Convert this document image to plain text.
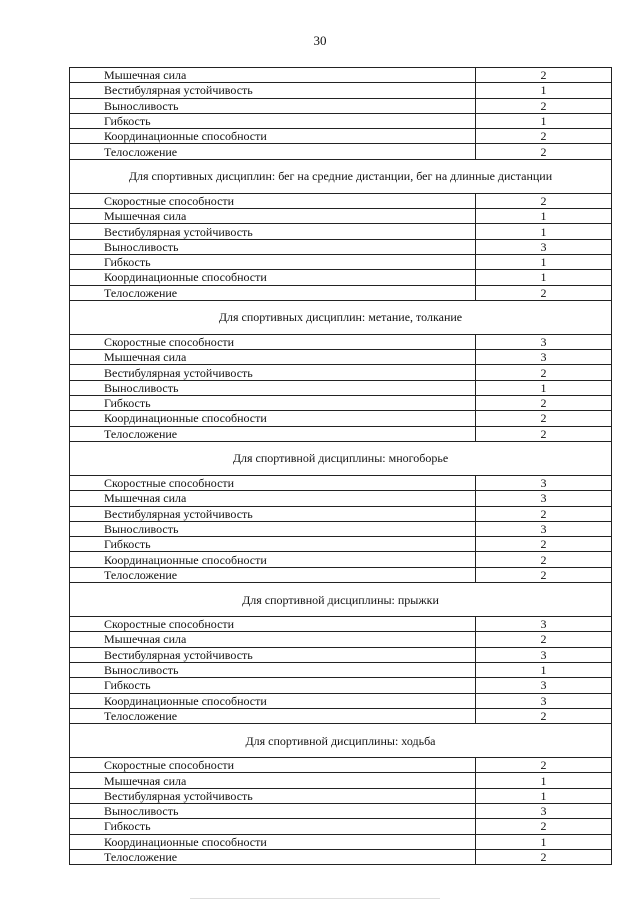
30
Мышечная сила	2
Вестибулярная устойчивость	1
Выносливость	2
Гибкость	1
Координационные способности	2
Телосложение	2
Для спортивных дисциплин: бег на средние дистанции, бег на длинные дистанции	
Скоростные способности	2
Мышечная сила	1
Вестибулярная устойчивость	1
Выносливость	3
Гибкость	1
Координационные способности	1
Телосложение	2
Для спортивных дисциплин: метание, толкание	
Скоростные способности	3
Мышечная сила	3
Вестибулярная устойчивость	2
Выносливость	1
Гибкость	2
Координационные способности	2
Телосложение	2
Для спортивной дисциплины: многоборье	
Скоростные способности	3
Мышечная сила	3
Вестибулярная устойчивость	2
Выносливость	3
Гибкость	2
Координационные способности	2
Телосложение	2
Для спортивной дисциплины: прыжки	
Скоростные способности	3
Мышечная сила	2
Вестибулярная устойчивость	3
Выносливость	1
Гибкость	3
Координационные способности	3
Телосложение	2
Для спортивной дисциплины: ходьба	
Скоростные способности	2
Мышечная сила	1
Вестибулярная устойчивость	1
Выносливость	3
Гибкость	2
Координационные способности	1
Телосложение	2
